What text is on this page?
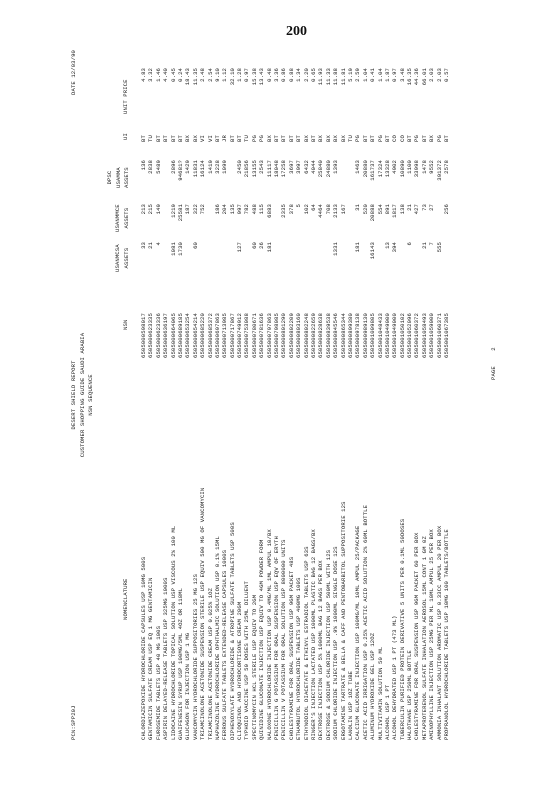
200
PCN:SPP20J
DESERT SHIELD REPORT CUSTOMER SHOPPING GUIDE SAUDI ARABIA NSN SEQUENCE
DATE 12/03/90
NOMENCLATURE
NSN
USANMCSA ASSETS
USANMMCE ASSETS
DPSC USAMMA ASSETS
UI
UNIT PRICE
CHLORDIAZEPOXIDE HYDROCHLORIDE CAPSULES USP 10MG 500S
6505000598017
33
213
136
BT
4.83
GENTAMICIN SULFATE CREAM USP EQ 1 MG GENTAMICIN
6505000623335
21
215
2838
TU
3.32
FUROSEMIDE TABLETS USP 40 MG 100S
6505000623336
4
149
5489
BT
1.46
ASPIRIN DELAYED-RELEASE TABLETS USP 325MG 1000S
6505000636197
BT
4.40
LIDOCAINE HYDROCHLORIDE TOPICAL SOLUTION USP VISCOUS 2% 100 ML
6505000664065
1081
1219
2896
BT
0.45
GUAIFENESIN SYRUP USP 100MG/5ML 4OZ OR 118ML
6505000689185
1730
25581
94681?
BT
0.24
GLUCAGON FOR INJECTION USP 1 MG
6505000653254
187
1429
BX
18.43
VANCOMYCIN HYDROCHLORIDE SUPPOSITORIES 25 MG 12S
6505000654214
60
322
11831
BX
11.35
TRIAMCINOLONE ACETONIDE SUSPENSION STERILE USP EQUIV 500 MG OF VANCOMYCIN
6505000685220
752
16124
VI
2.48
TRIAMCINOLONE ACETONIDE CREAM USP 0.025% 1OZ
6505000685372
1419
VI
2.54
NAPHAZOLINE HYDROCHLORIDE OPHTHALMIC SOLUTION USP 0.1% 15ML
6505000697863
186
3228
BT
9.10
FERROUS SULFATE TABLETS EXTENDED-RELEASE CAPSULES 1000S
6505000713985
204
1099
JR
1.12
DIPHENOXYLATE HYDROCHLORIDE & ATROPINE SULFATE TABLETS USP 500S
6505000717867
135
BT
32.10
CLIOQUINOL AND HYDROCORTISONE CREAM 20GM
6505000749912
127
997
2450
BT
1.28
TYPHOID VACCINE USP 50 DOSES WITH 25ML DILUENT
6505000753088
782
21856
TU
0.97
SPECTINOMYCIN HCL STERILE USP EQUIV TO 2GM
6505000780671
60
488
13155
PG
15.38
QUINIDINE GLUCONATE INJECTION USP EQUIV TO 4GM POWDER FORM
6505000781636
26
115
2543
PG
13.43
NALOXONE HYDROCHLORIDE INJECTION USP 0.4MG/ML 1ML AMPUL 10/BX
6505000797863
181
6883
11117
BX
0.48
PENICILLIN G POTASSIUM FOR ORAL SUSPENSION USP EQV OF ERYTH
6505000798085
18048
BT
3.36
PENICILLIN V POTASSIUM FOR ORAL SOLUTION USP 8000000 UNITS
6505000801290
2335
17258
BT
0.86
CHOLESTYRAMINE FOR ORAL SUSPENSION USP 9GM PACKET 48S
6505000802209
378
3697
BT
0.88
ETHAMBUTOL HYDROCHLORIDE TABLETS USP 400MG 100S
6505000803160
5
3997
BT
1.34
ETHYNODIOL DIACETATE & ETHINYL ESTRADIOL TABLETS USP 63S
6505000802248
102
6432
BX
2.20
RINGER'S INJECTION LACTATED USP 1000ML PLASTIC BAG 12 BAGS/BX
6505000822659
64
4044
BT
0.65
DEXTROSE INJECTION USP 5% 1000ML BAG 12 BAGS PER BOX
6505000828638
4464
25840
BX
11.93
DEXTROSE & SODIUM CHLORIDE INJECTION USP 500ML WITH 12S
6505000839538
708
24880
BX
11.33
SODIUM CHLORIDE INJECTION USP .9% 1000ML SINGLE DOSE 12S
6505000845546
1331
2133
1393
BX
11.88
ERGOTAMINE TARTRATE & BELLA & CAFF AND PENTOBARBITOL SUPPOSITORIE 12S
6505000865344
167
BX
11.81
LANOLIN USP 1OZ TUBE
6505000899380
TU
5.19
CALCIUM GLUCONATE INJECTION USP 100MG/ML 10ML AMPUL 25/PACKAGE
6505000978138
181
31
1463
PG
2.59
ACETIC ACID IRRIGATION USP 0.25% ACETIC ACID SOLUTION 2% 60ML BOTTLE
6505000989130
520
20880
BT
1.04
ALUMINUM HYDROXIDE GEL USP 12OZ
6505001009805
16143
20888
161737
BT
0.41
MULTIVITAMIN SOLUTION 50 ML
6505001048433
554
17324
PG
1.04
ALCOHOL USP 1 PT
6505001049000
13
891
13328
BT
1.87
ALCOHOL DEHYDRATED USP 1 PT (473 ML)
6505001049000
394
1817
4902
CO
0.97
TUBERCULIN PURIFIED PROTEIN DERIVATIVE 5 UNITS PER 0.1ML 50DOSES
6505001050102
138
10890
CO
3.48
HALOTHANE USP 250ML BOTTLE
6505001052096
6
21
1100
BT
16.35
CHOLESTYRAMINE FOR ORAL SUSPENSION USP 9GM PACKET 60 PER BOX
6505001060372
427
33998
PG
44.36
METAPROTERENOL SULFATE INHALATION AEROSOL 15ML CONT 1 GM 0Z
6505001058493
21
73
1478
BT
66.01
AMINOPHYLLINE INJECTION USP 25MG PER ML 10ML AMPUL 25 PER BOX
6505001059000
7
27
9552
BX
2.03
AMMONIA INHALANT SOLUTION AROMATIC USP 0.33CC AMPUL 20 PER BOX
6505001060371
555
391372
PG
2.03
PROPRANOLOL HYDROCHLORIDE TABLETS USP 10MG 100 TABLETS/BOTTLE
6505001067385
256
2578
BT
0.57
PAGE 2
